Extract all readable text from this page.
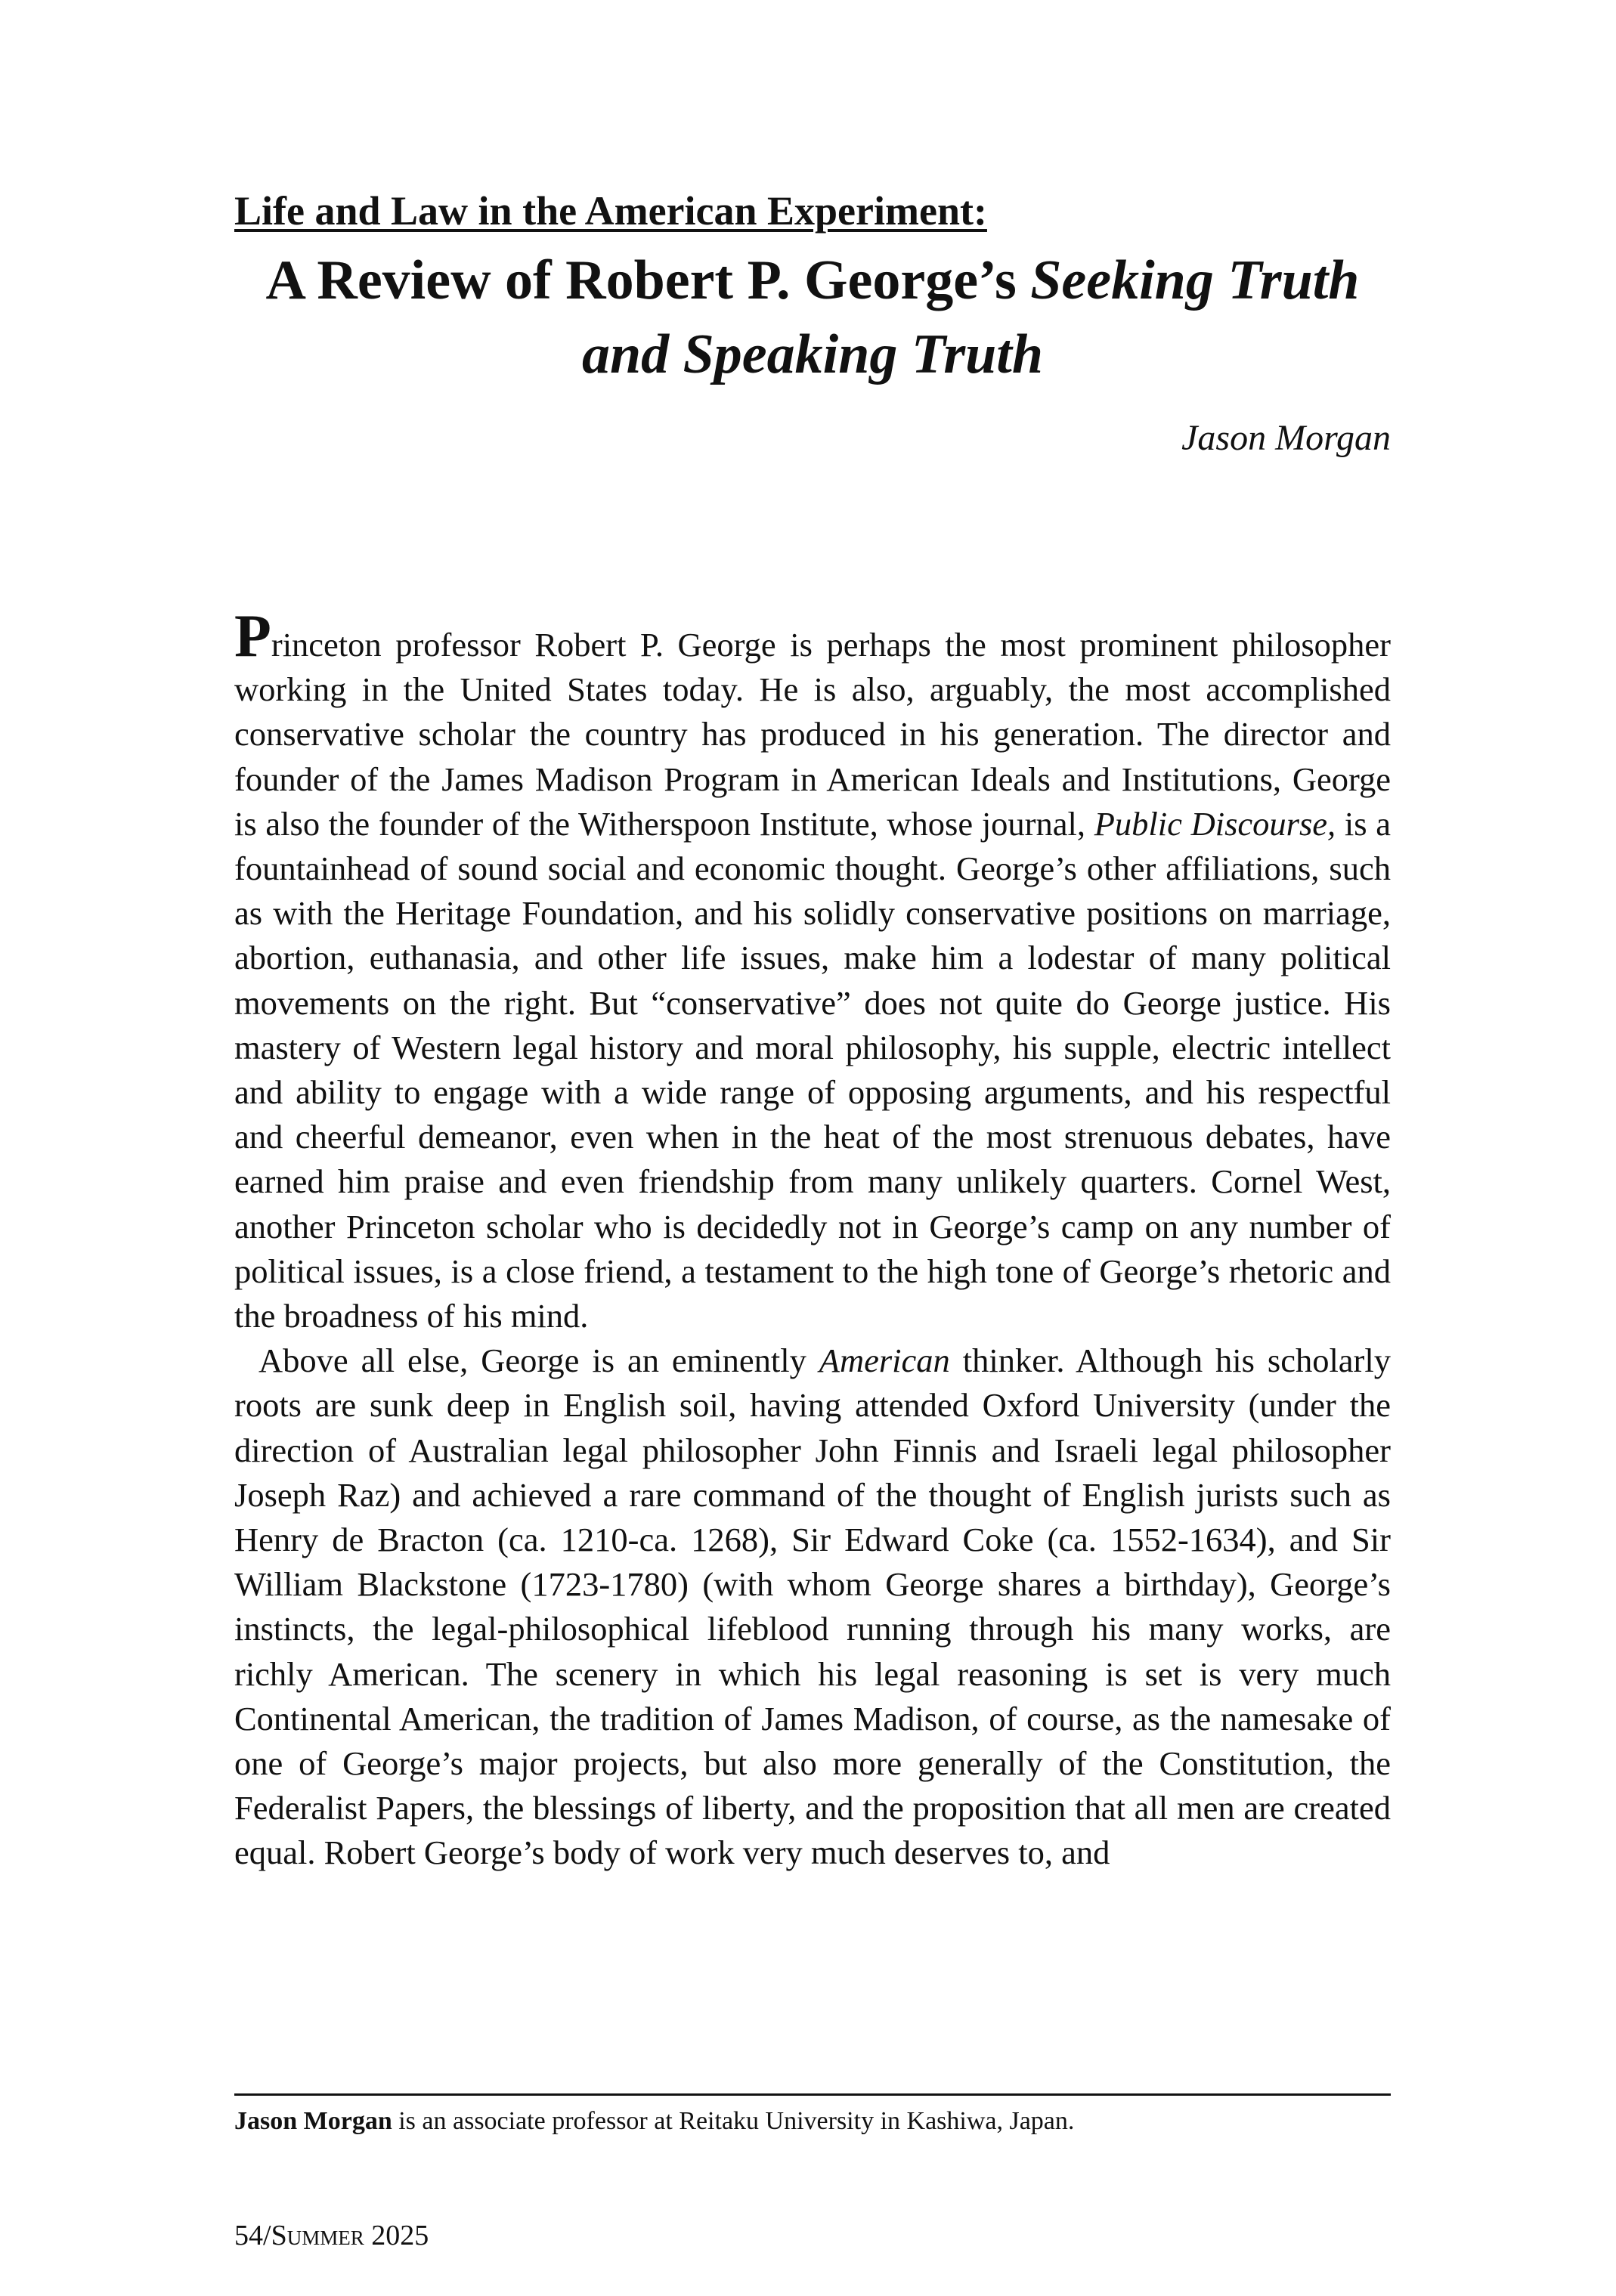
Life and Law in the American Experiment:
A Review of Robert P. George’s Seeking Truth
and Speaking Truth
Jason Morgan

Princeton professor Robert P. George is perhaps the most prominent philosopher working in the United States today. He is also, arguably, the most accomplished conservative scholar the country has produced in his generation. The director and founder of the James Madison Program in American Ideals and Institutions, George is also the founder of the Witherspoon Institute, whose journal, Public Discourse, is a fountainhead of sound social and economic thought. George’s other affiliations, such as with the Heritage Foundation, and his solidly conservative positions on marriage, abortion, euthanasia, and other life issues, make him a lodestar of many political movements on the right. But “conservative” does not quite do George justice. His mastery of Western legal history and moral philosophy, his supple, electric intellect and ability to engage with a wide range of opposing arguments, and his respectful and cheerful demeanor, even when in the heat of the most strenuous debates, have earned him praise and even friendship from many unlikely quarters. Cornel West, another Princeton scholar who is decidedly not in George’s camp on any number of political issues, is a close friend, a testament to the high tone of George’s rhetoric and the broadness of his mind.

Above all else, George is an eminently American thinker. Although his scholarly roots are sunk deep in English soil, having attended Oxford University (under the direction of Australian legal philosopher John Finnis and Israeli legal philosopher Joseph Raz) and achieved a rare command of the thought of English jurists such as Henry de Bracton (ca. 1210-ca. 1268), Sir Edward Coke (ca. 1552-1634), and Sir William Blackstone (1723-1780) (with whom George shares a birthday), George’s instincts, the legal-philosophical lifeblood running through his many works, are richly American. The scenery in which his legal reasoning is set is very much Continental American, the tradition of James Madison, of course, as the namesake of one of George’s major projects, but also more generally of the Constitution, the Federalist Papers, the blessings of liberty, and the proposition that all men are created equal. Robert George’s body of work very much deserves to, and

Jason Morgan is an associate professor at Reitaku University in Kashiwa, Japan.
54/Summer 2025
